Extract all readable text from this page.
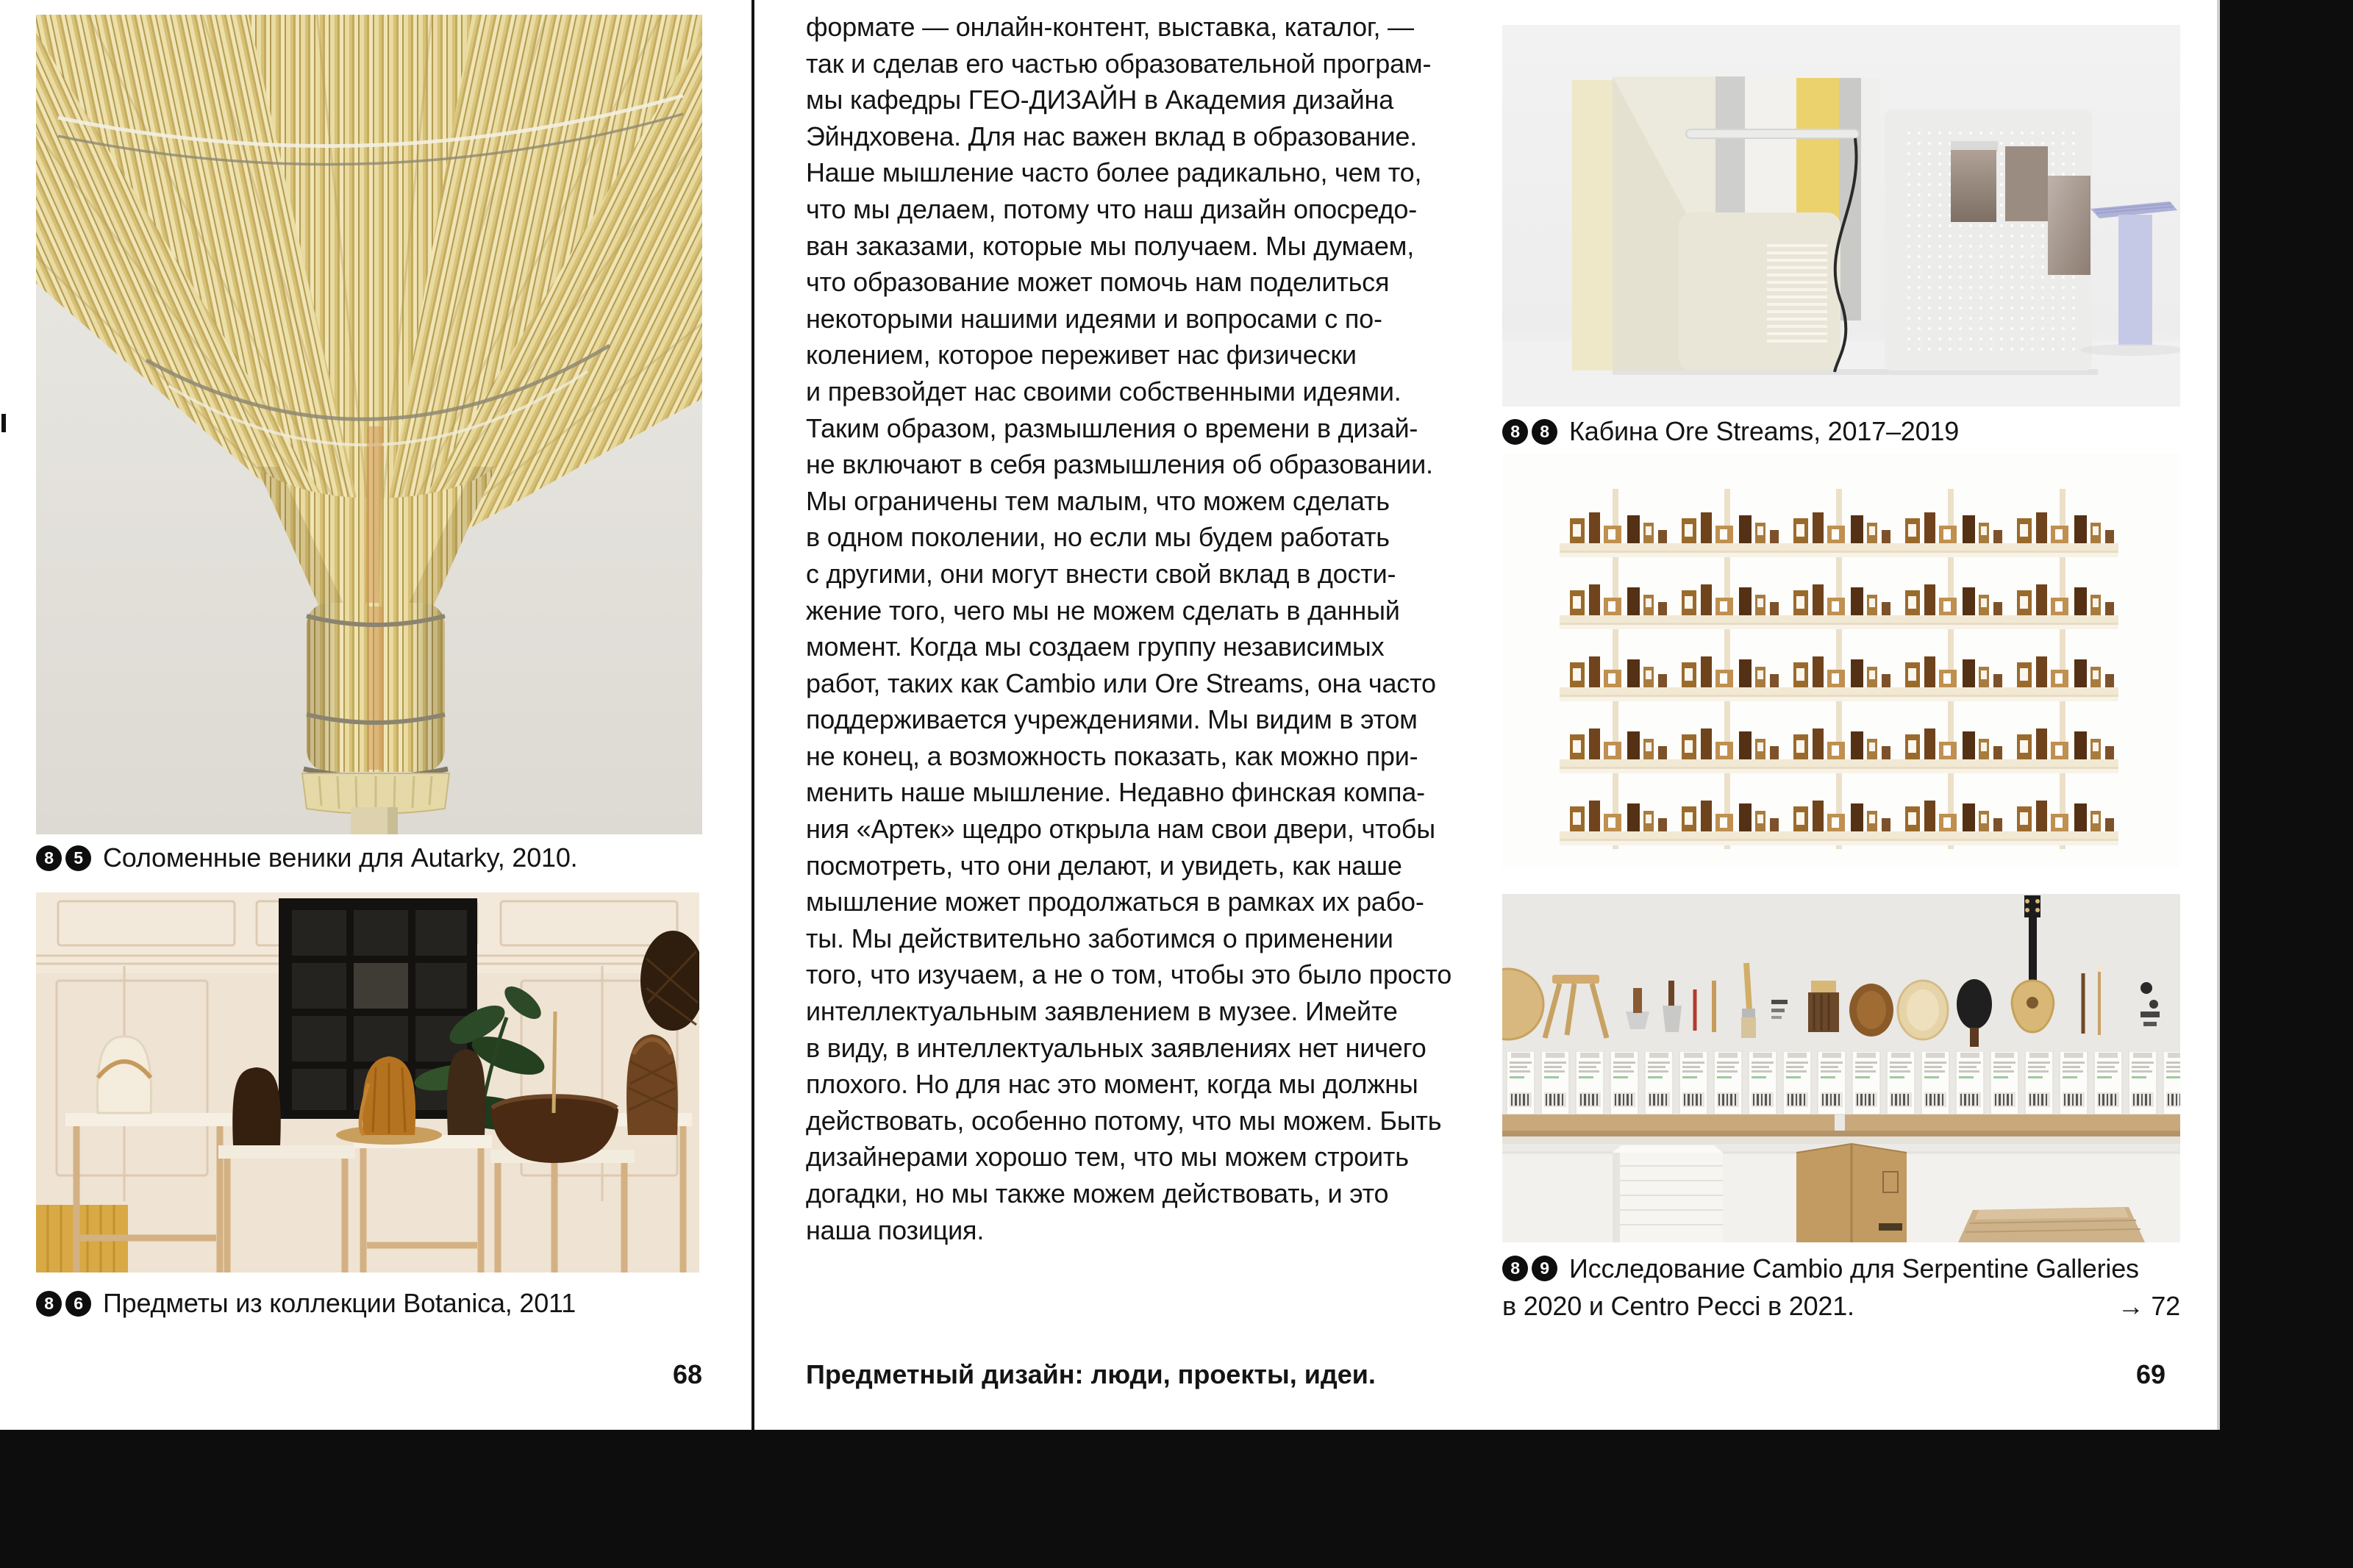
8	5 Соломенные веники для Autarky, 2010.
8	6 Предметы из коллекции Botanica, 2011
68
формате — онлайн-контент, выставка, каталог, —
так и сделав его частью образовательной програм-
мы кафедры ГЕО-ДИЗАЙН в Академия дизайна
Эйндховена. Для нас важен вклад в образование.
Наше мышление часто более радикально, чем то,
что мы делаем, потому что наш дизайн опосредо-
ван заказами, которые мы получаем. Мы думаем,
что образование может помочь нам поделиться
некоторыми нашими идеями и вопросами с по-
колением, которое переживет нас физически
и превзойдет нас своими собственными идеями.
Таким образом, размышления о времени в дизай-
не включают в себя размышления об образовании.
Мы ограничены тем малым, что можем сделать
в одном поколении, но если мы будем работать
с другими, они могут внести свой вклад в дости-
жение того, чего мы не можем сделать в данный
момент. Когда мы создаем группу независимых
работ, таких как Cambio или Ore Streams, она часто
поддерживается учреждениями. Мы видим в этом
не конец, а возможность показать, как можно при-
менить наше мышление. Недавно финская компа-
ния «Артек» щедро открыла нам свои двери, чтобы
посмотреть, что они делают, и увидеть, как наше
мышление может продолжаться в рамках их рабо-
ты. Мы действительно заботимся о применении
того, что изучаем, а не о том, чтобы это было просто
интеллектуальным заявлением в музее. Имейте
в виду, в интеллектуальных заявлениях нет ничего
плохого. Но для нас это момент, когда мы должны
действовать, особенно потому, что мы можем. Быть
дизайнерами хорошо тем, что мы можем строить
догадки, но мы также можем действовать, и это
наша позиция.
Предметный дизайн: люди, проекты, идеи.
8	8 Кабина Ore Streams, 2017–2019
8	9 Исследование Cambio для Serpentine Galleries
в 2020 и Centro Pecci в 2021.	→ 72
69
